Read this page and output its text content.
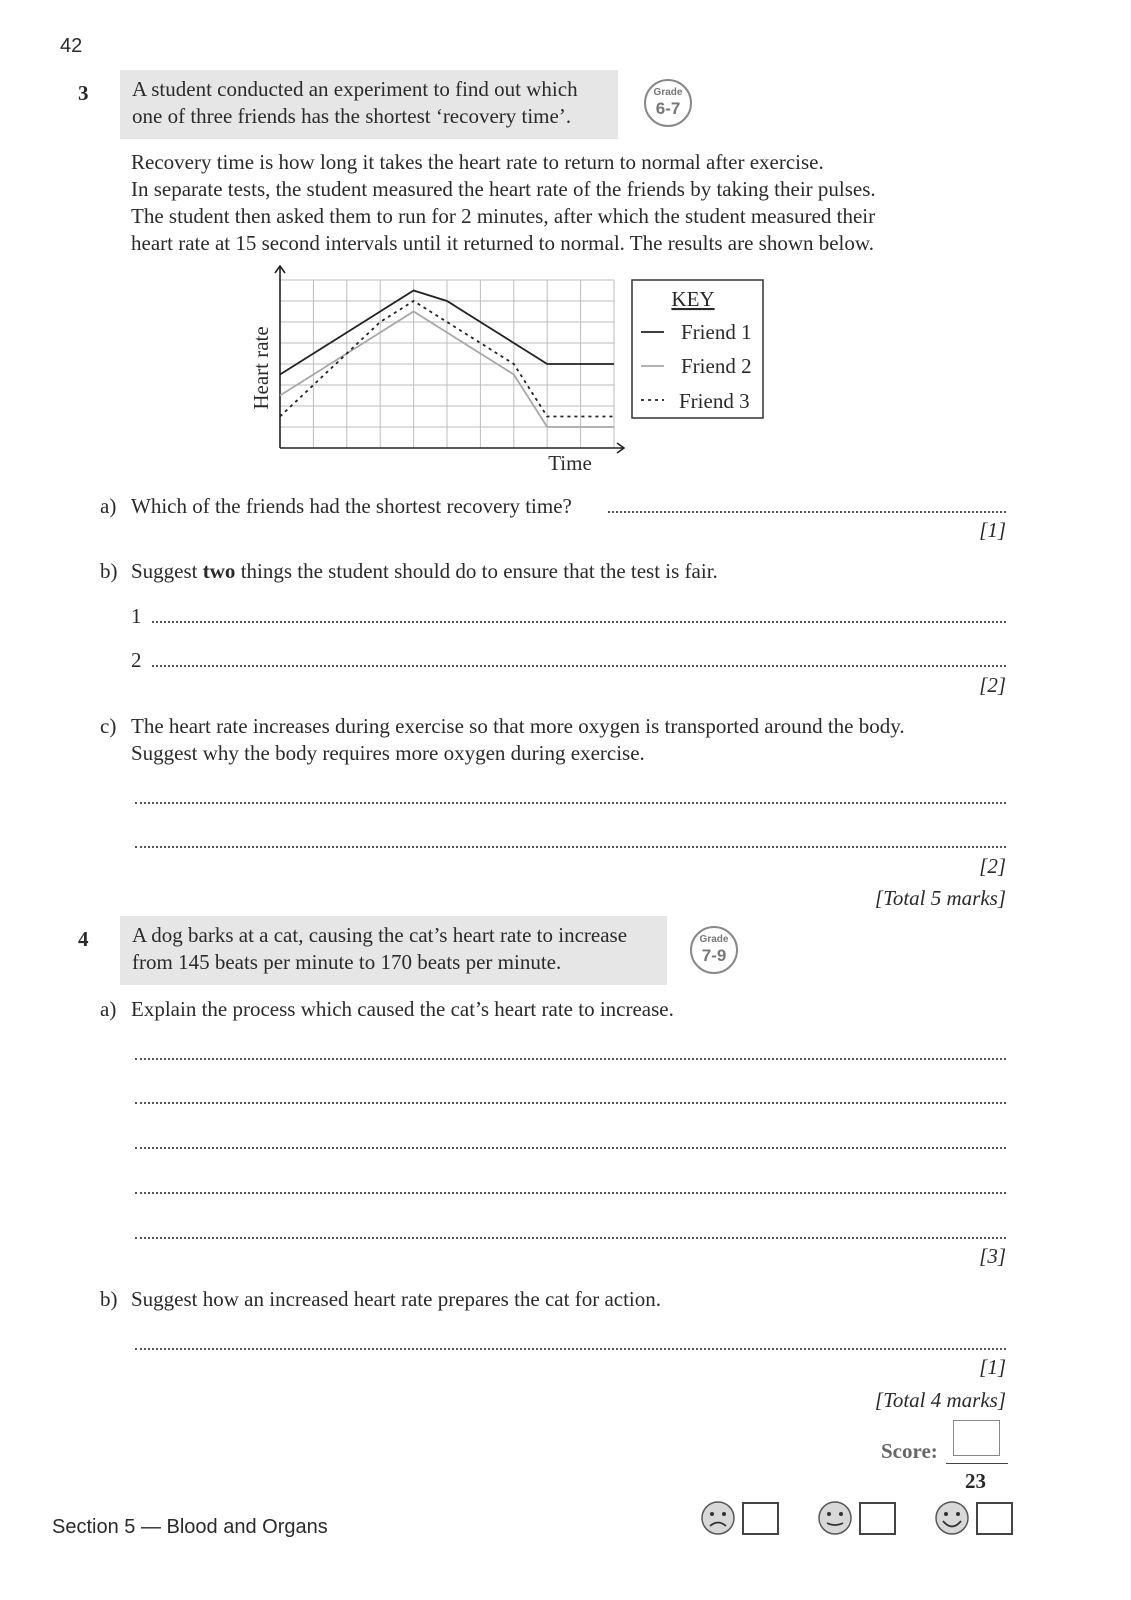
42
3 A student conducted an experiment to find out which
one of three friends has the shortest ‘recovery time’.
Grade
6-7
Recovery time is how long it takes the heart rate to return to normal after exercise.
In separate tests, the student measured the heart rate of the friends by taking their pulses.
The student then asked them to run for 2 minutes, after which the student measured their
heart rate at 15 second intervals until it returned to normal. The results are shown below.
Heart rate
Time
KEY
Friend 1
Friend 2
Friend 3
a) Which of the friends had the shortest recovery time?
[1]
b) Suggest two things the student should do to ensure that the test is fair.
1
2
[2]
c) The heart rate increases during exercise so that more oxygen is transported around the body.
Suggest why the body requires more oxygen during exercise.
[2]
[Total 5 marks]
4 A dog barks at a cat, causing the cat’s heart rate to increase
from 145 beats per minute to 170 beats per minute.
Grade
7-9
a) Explain the process which caused the cat’s heart rate to increase.
[3]
b) Suggest how an increased heart rate prepares the cat for action.
[1]
[Total 4 marks]
Score:
23
Section 5 — Blood and Organs
